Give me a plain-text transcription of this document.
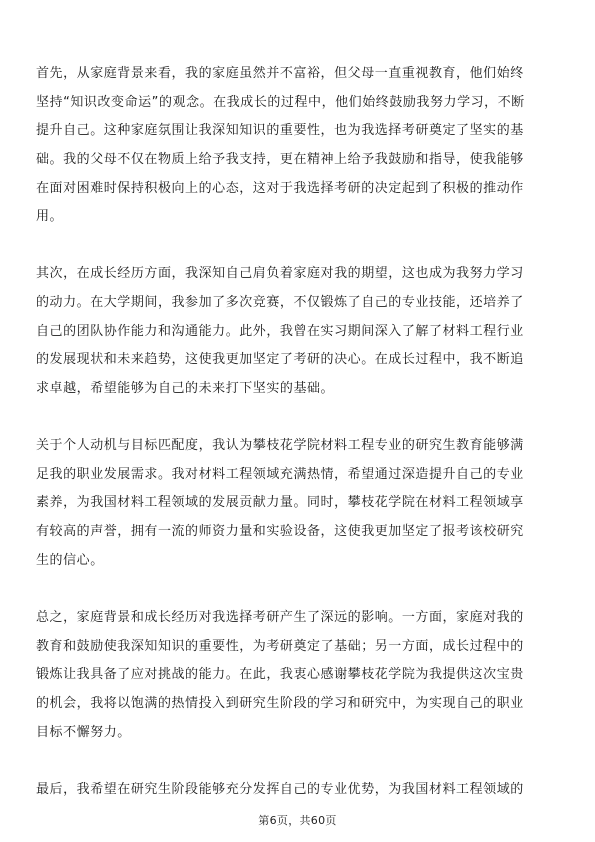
首先，从家庭背景来看，我的家庭虽然并不富裕，但父母一直重视教育，他们始终
坚持“知识改变命运”的观念。在我成长的过程中，他们始终鼓励我努力学习，不断
提升自己。这种家庭氛围让我深知知识的重要性，也为我选择考研奠定了坚实的基
础。我的父母不仅在物质上给予我支持，更在精神上给予我鼓励和指导，使我能够
在面对困难时保持积极向上的心态，这对于我选择考研的决定起到了积极的推动作
用。
其次，在成长经历方面，我深知自己肩负着家庭对我的期望，这也成为我努力学习
的动力。在大学期间，我参加了多次竞赛，不仅锻炼了自己的专业技能，还培养了
自己的团队协作能力和沟通能力。此外，我曾在实习期间深入了解了材料工程行业
的发展现状和未来趋势，这使我更加坚定了考研的决心。在成长过程中，我不断追
求卓越，希望能够为自己的未来打下坚实的基础。
关于个人动机与目标匹配度，我认为攀枝花学院材料工程专业的研究生教育能够满
足我的职业发展需求。我对材料工程领域充满热情，希望通过深造提升自己的专业
素养，为我国材料工程领域的发展贡献力量。同时，攀枝花学院在材料工程领域享
有较高的声誉，拥有一流的师资力量和实验设备，这使我更加坚定了报考该校研究
生的信心。
总之，家庭背景和成长经历对我选择考研产生了深远的影响。一方面，家庭对我的
教育和鼓励使我深知知识的重要性，为考研奠定了基础；另一方面，成长过程中的
锻炼让我具备了应对挑战的能力。在此，我衷心感谢攀枝花学院为我提供这次宝贵
的机会，我将以饱满的热情投入到研究生阶段的学习和研究中，为实现自己的职业
目标不懈努力。
最后，我希望在研究生阶段能够充分发挥自己的专业优势，为我国材料工程领域的
第6页，共60页
